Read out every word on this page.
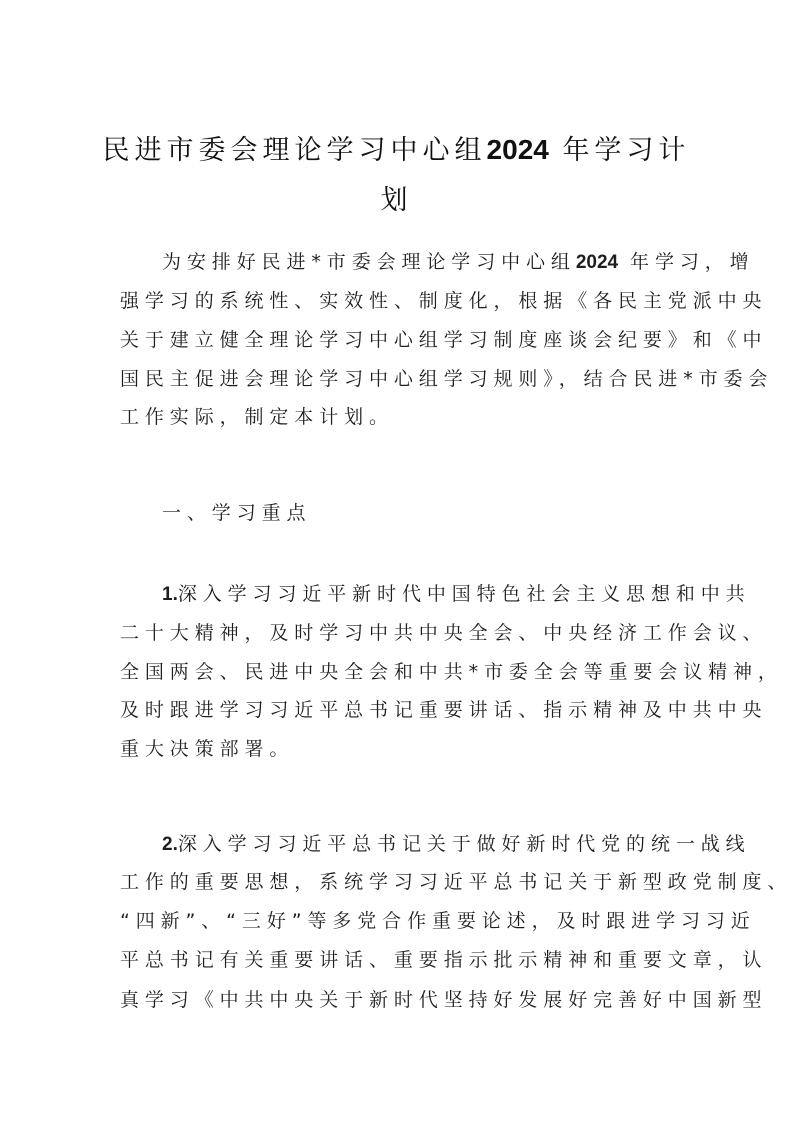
民进市委会理论学习中心组2024 年学习计
划
为安排好民进*市委会理论学习中心组2024 年学习，增
强学习的系统性、实效性、制度化，根据《各民主党派中央
关于建立健全理论学习中心组学习制度座谈会纪要》和《中
国民主促进会理论学习中心组学习规则》，结合民进*市委会
工作实际，制定本计划。
一、学习重点
1.深入学习习近平新时代中国特色社会主义思想和中共
二十大精神，及时学习中共中央全会、中央经济工作会议、
全国两会、民进中央全会和中共*市委全会等重要会议精神，
及时跟进学习习近平总书记重要讲话、指示精神及中共中央
重大决策部署。
2.深入学习习近平总书记关于做好新时代党的统一战线
工作的重要思想，系统学习习近平总书记关于新型政党制度、
“四新”、“三好”等多党合作重要论述，及时跟进学习习近
平总书记有关重要讲话、重要指示批示精神和重要文章，认
真学习《中共中央关于新时代坚持好发展好完善好中国新型
